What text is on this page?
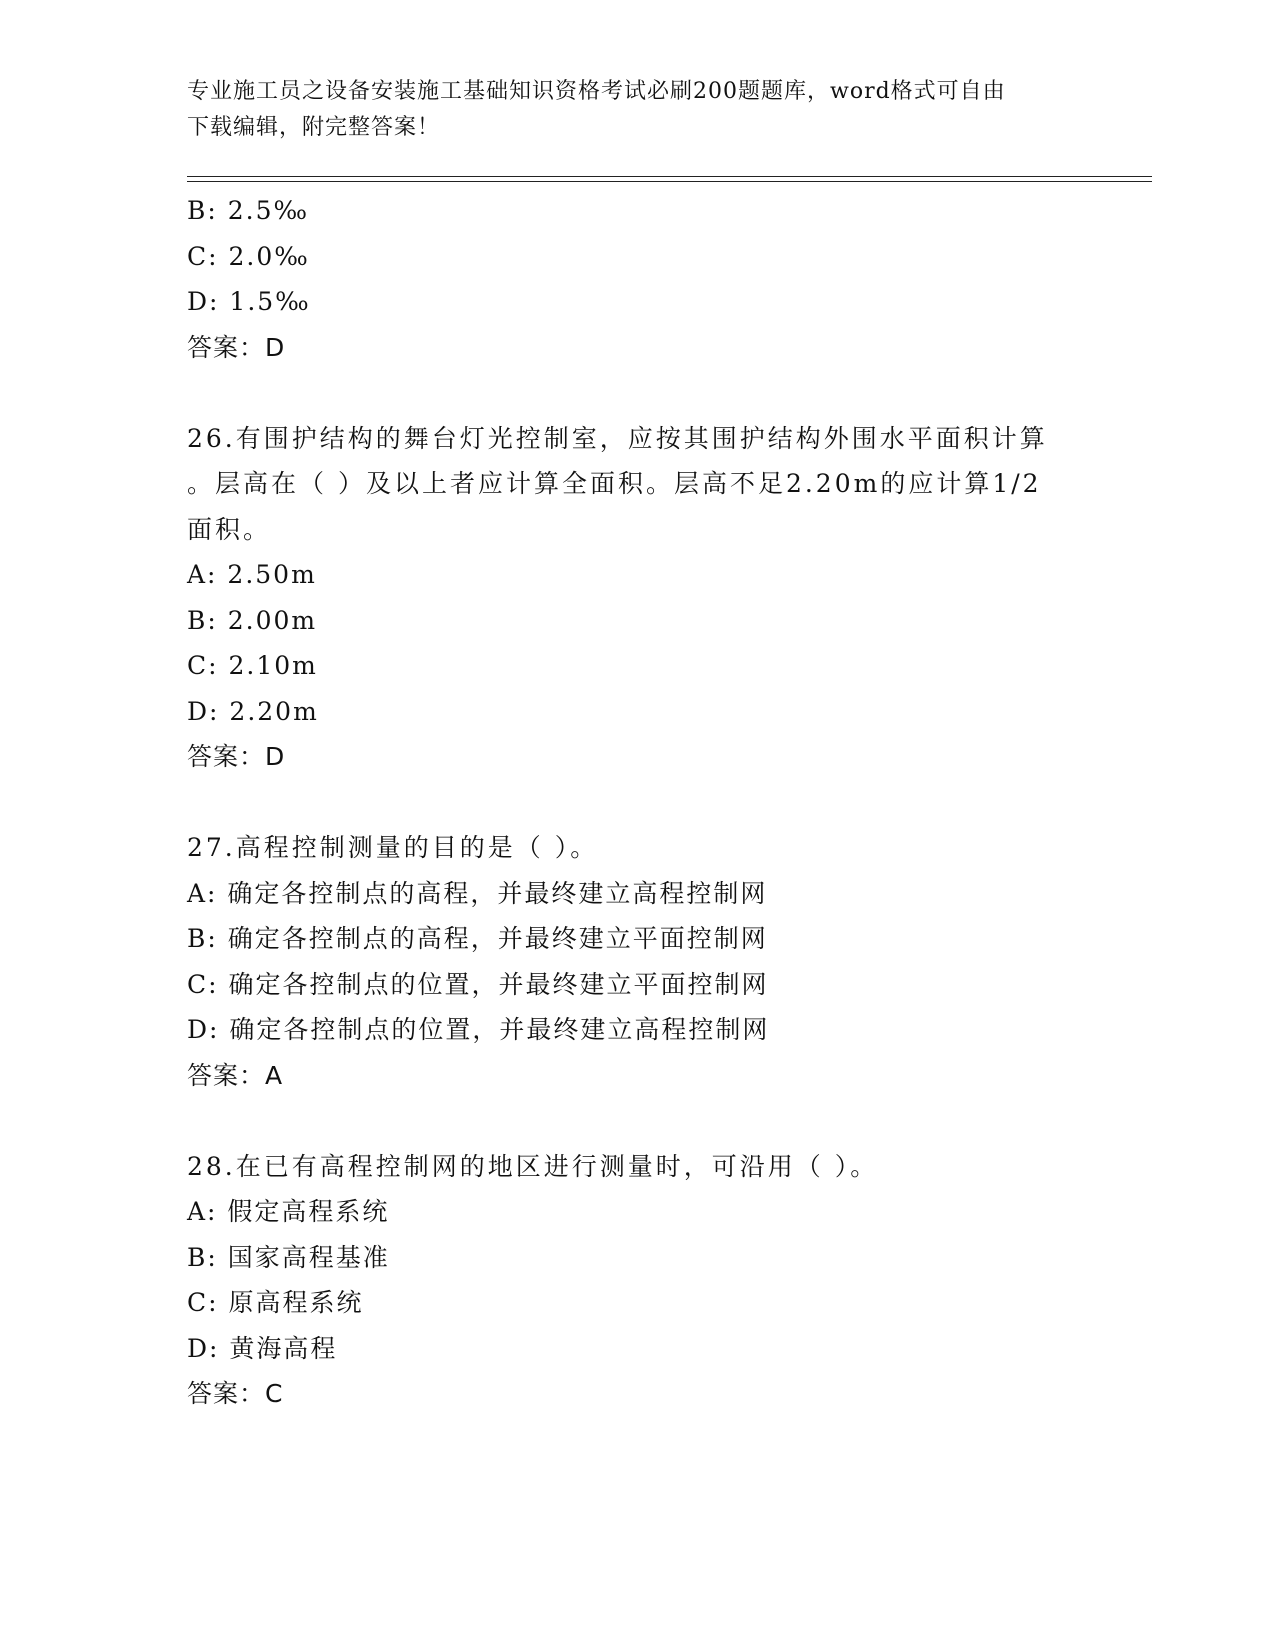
专业施工员之设备安装施工基础知识资格考试必刷200题题库，word格式可自由
下载编辑，附完整答案！
B: 2.5‰
C: 2.0‰
D: 1.5‰
答案：D
26.有围护结构的舞台灯光控制室，应按其围护结构外围水平面积计算
。层高在（ ）及以上者应计算全面积。层高不足2.20m的应计算1/2
面积。
A: 2.50m
B: 2.00m
C: 2.10m
D: 2.20m
答案：D
27.高程控制测量的目的是（ ）。
A: 确定各控制点的高程，并最终建立高程控制网
B: 确定各控制点的高程，并最终建立平面控制网
C: 确定各控制点的位置，并最终建立平面控制网
D: 确定各控制点的位置，并最终建立高程控制网
答案：A
28.在已有高程控制网的地区进行测量时，可沿用（ ）。
A: 假定高程系统
B: 国家高程基准
C: 原高程系统
D: 黄海高程
答案：C
